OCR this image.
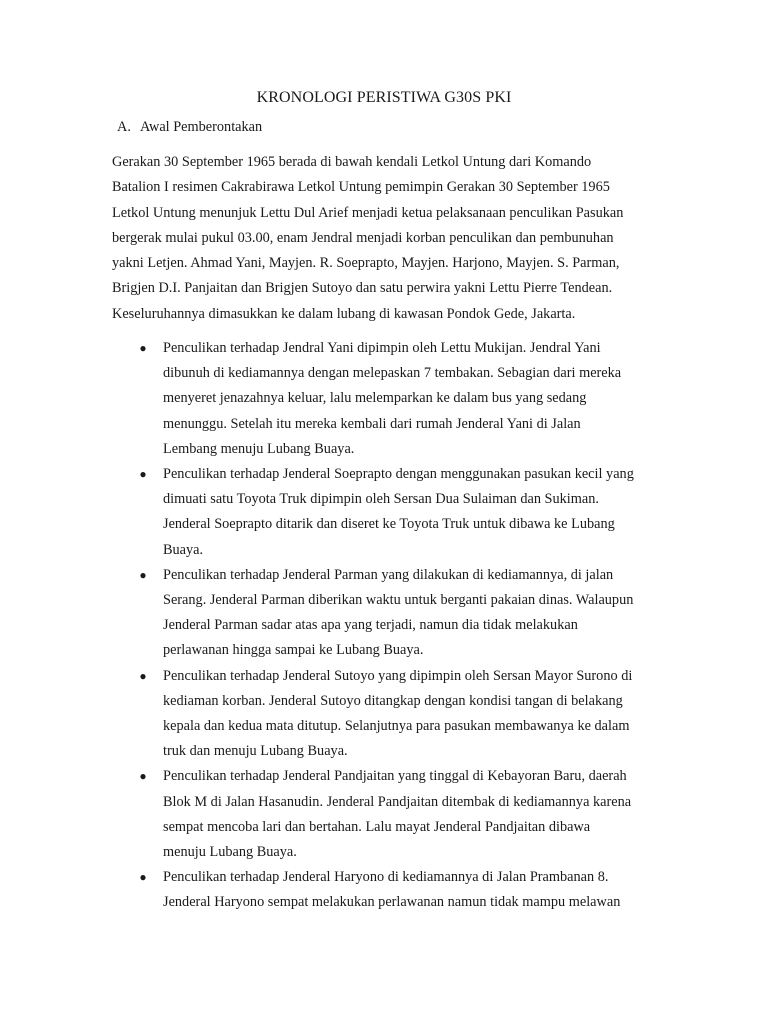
KRONOLOGI PERISTIWA G30S PKI
A. Awal Pemberontakan

Gerakan 30 September 1965 berada di bawah kendali Letkol Untung dari Komando
Batalion I resimen Cakrabirawa Letkol Untung pemimpin Gerakan 30 September 1965
Letkol Untung menunjuk Lettu Dul Arief menjadi ketua pelaksanaan penculikan Pasukan
bergerak mulai pukul 03.00, enam Jendral menjadi korban penculikan dan pembunuhan
yakni Letjen. Ahmad Yani, Mayjen. R. Soeprapto, Mayjen. Harjono, Mayjen. S. Parman,
Brigjen D.I. Panjaitan dan Brigjen Sutoyo dan satu perwira yakni Lettu Pierre Tendean.
Keseluruhannya dimasukkan ke dalam lubang di kawasan Pondok Gede, Jakarta.

● Penculikan terhadap Jendral Yani dipimpin oleh Lettu Mukijan. Jendral Yani
dibunuh di kediamannya dengan melepaskan 7 tembakan. Sebagian dari mereka
menyeret jenazahnya keluar, lalu melemparkan ke dalam bus yang sedang
menunggu. Setelah itu mereka kembali dari rumah Jenderal Yani di Jalan
Lembang menuju Lubang Buaya.
● Penculikan terhadap Jenderal Soeprapto dengan menggunakan pasukan kecil yang
dimuati satu Toyota Truk dipimpin oleh Sersan Dua Sulaiman dan Sukiman.
Jenderal Soeprapto ditarik dan diseret ke Toyota Truk untuk dibawa ke Lubang
Buaya.
● Penculikan terhadap Jenderal Parman yang dilakukan di kediamannya, di jalan
Serang. Jenderal Parman diberikan waktu untuk berganti pakaian dinas. Walaupun
Jenderal Parman sadar atas apa yang terjadi, namun dia tidak melakukan
perlawanan hingga sampai ke Lubang Buaya.
● Penculikan terhadap Jenderal Sutoyo yang dipimpin oleh Sersan Mayor Surono di
kediaman korban. Jenderal Sutoyo ditangkap dengan kondisi tangan di belakang
kepala dan kedua mata ditutup. Selanjutnya para pasukan membawanya ke dalam
truk dan menuju Lubang Buaya.
● Penculikan terhadap Jenderal Pandjaitan yang tinggal di Kebayoran Baru, daerah
Blok M di Jalan Hasanudin. Jenderal Pandjaitan ditembak di kediamannya karena
sempat mencoba lari dan bertahan. Lalu mayat Jenderal Pandjaitan dibawa
menuju Lubang Buaya.
● Penculikan terhadap Jenderal Haryono di kediamannya di Jalan Prambanan 8.
Jenderal Haryono sempat melakukan perlawanan namun tidak mampu melawan
